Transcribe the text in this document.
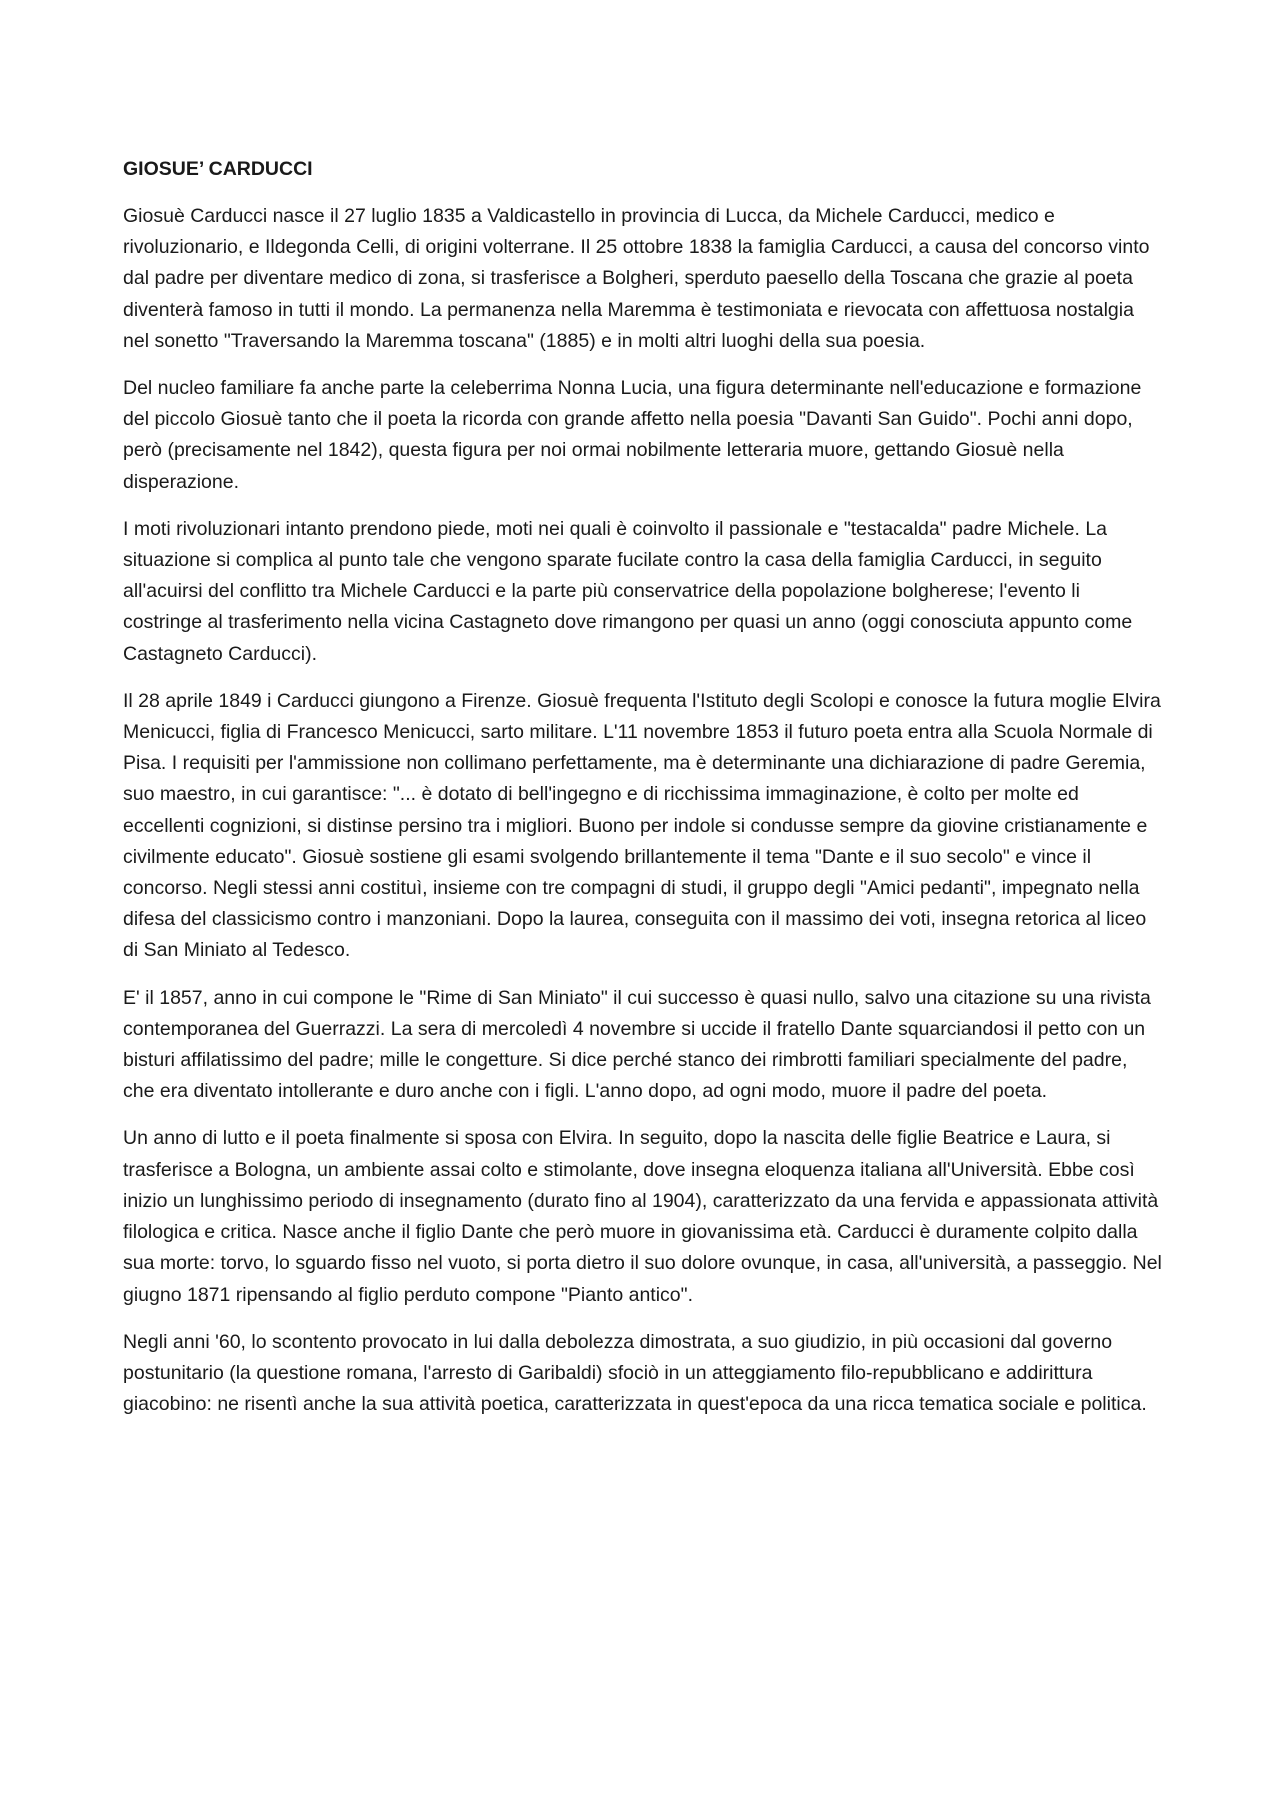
GIOSUE’ CARDUCCI

Giosuè Carducci nasce il 27 luglio 1835 a Valdicastello in provincia di Lucca, da Michele Carducci, medico e rivoluzionario, e Ildegonda Celli, di origini volterrane. Il 25 ottobre 1838 la famiglia Carducci, a causa del concorso vinto dal padre per diventare medico di zona, si trasferisce a Bolgheri, sperduto paesello della Toscana che grazie al poeta diventerà famoso in tutti il mondo. La permanenza nella Maremma è testimoniata e rievocata con affettuosa nostalgia nel sonetto "Traversando la Maremma toscana" (1885) e in molti altri luoghi della sua poesia.

Del nucleo familiare fa anche parte la celeberrima Nonna Lucia, una figura determinante nell'educazione e formazione del piccolo Giosuè tanto che il poeta la ricorda con grande affetto nella poesia "Davanti San Guido". Pochi anni dopo, però (precisamente nel 1842), questa figura per noi ormai nobilmente letteraria muore, gettando Giosuè nella disperazione.

I moti rivoluzionari intanto prendono piede, moti nei quali è coinvolto il passionale e "testacalda" padre Michele. La situazione si complica al punto tale che vengono sparate fucilate contro la casa della famiglia Carducci, in seguito all'acuirsi del conflitto tra Michele Carducci e la parte più conservatrice della popolazione bolgherese; l'evento li costringe al trasferimento nella vicina Castagneto dove rimangono per quasi un anno (oggi conosciuta appunto come Castagneto Carducci).

Il 28 aprile 1849 i Carducci giungono a Firenze. Giosuè frequenta l'Istituto degli Scolopi e conosce la futura moglie Elvira Menicucci, figlia di Francesco Menicucci, sarto militare. L'11 novembre 1853 il futuro poeta entra alla Scuola Normale di Pisa. I requisiti per l'ammissione non collimano perfettamente, ma è determinante una dichiarazione di padre Geremia, suo maestro, in cui garantisce: "... è dotato di bell'ingegno e di ricchissima immaginazione, è colto per molte ed eccellenti cognizioni, si distinse persino tra i migliori. Buono per indole si condusse sempre da giovine cristianamente e civilmente educato". Giosuè sostiene gli esami svolgendo brillantemente il tema "Dante e il suo secolo" e vince il concorso. Negli stessi anni costituì, insieme con tre compagni di studi, il gruppo degli "Amici pedanti", impegnato nella difesa del classicismo contro i manzoniani. Dopo la laurea, conseguita con il massimo dei voti, insegna retorica al liceo di San Miniato al Tedesco.

E' il 1857, anno in cui compone le "Rime di San Miniato" il cui successo è quasi nullo, salvo una citazione su una rivista contemporanea del Guerrazzi. La sera di mercoledì 4 novembre si uccide il fratello Dante squarciandosi il petto con un bisturi affilatissimo del padre; mille le congetture. Si dice perché stanco dei rimbrotti familiari specialmente del padre, che era diventato intollerante e duro anche con i figli. L'anno dopo, ad ogni modo, muore il padre del poeta.

Un anno di lutto e il poeta finalmente si sposa con Elvira. In seguito, dopo la nascita delle figlie Beatrice e Laura, si trasferisce a Bologna, un ambiente assai colto e stimolante, dove insegna eloquenza italiana all'Università. Ebbe così inizio un lunghissimo periodo di insegnamento (durato fino al 1904), caratterizzato da una fervida e appassionata attività filologica e critica. Nasce anche il figlio Dante che però muore in giovanissima età. Carducci è duramente colpito dalla sua morte: torvo, lo sguardo fisso nel vuoto, si porta dietro il suo dolore ovunque, in casa, all'università, a passeggio. Nel giugno 1871 ripensando al figlio perduto compone "Pianto antico".

Negli anni '60, lo scontento provocato in lui dalla debolezza dimostrata, a suo giudizio, in più occasioni dal governo postunitario (la questione romana, l'arresto di Garibaldi) sfociò in un atteggiamento filo-repubblicano e addirittura giacobino: ne risentì anche la sua attività poetica, caratterizzata in quest'epoca da una ricca tematica sociale e politica.
